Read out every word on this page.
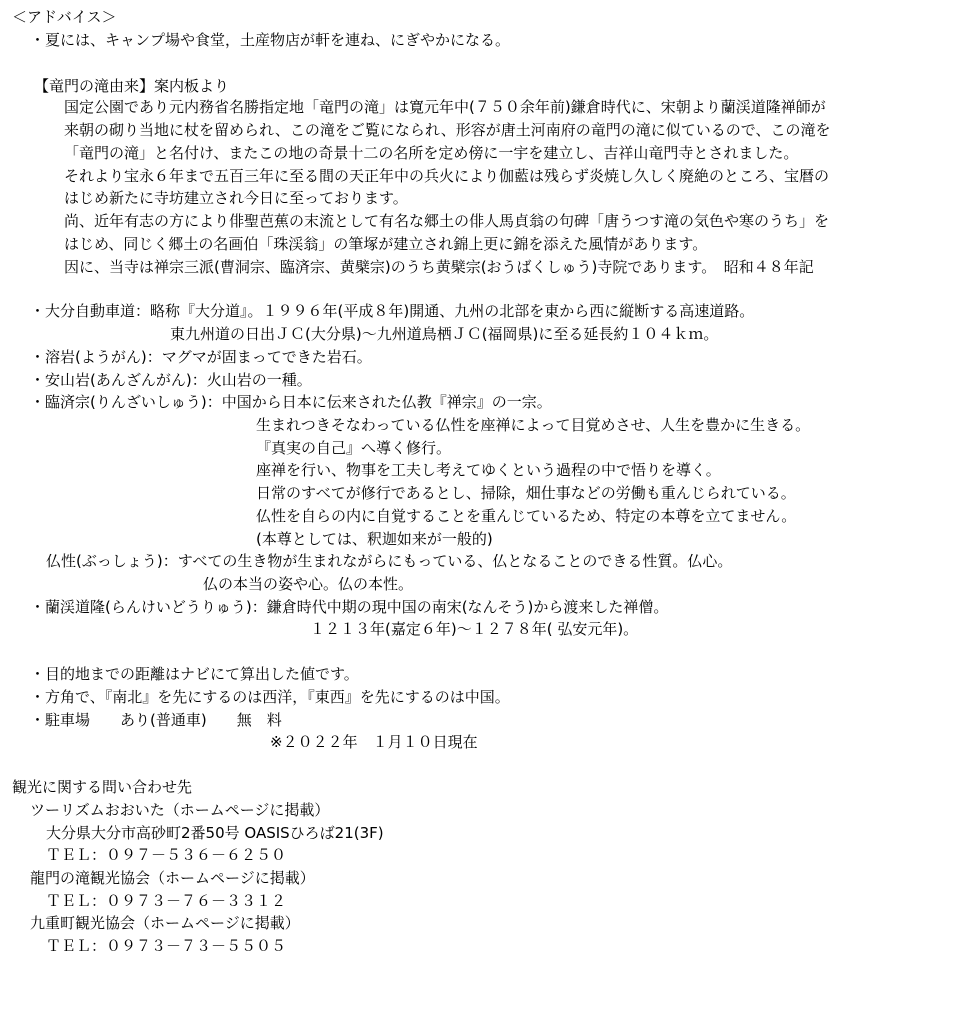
＜アドバイス＞
・夏には、キャンプ場や食堂，土産物店が軒を連ね、にぎやかになる。
【竜門の滝由来】案内板より
国定公園であり元内務省名勝指定地「竜門の滝」は寛元年中(７５０余年前)鎌倉時代に、宋朝より蘭渓道隆禅師が
来朝の砌り当地に杖を留められ、この滝をご覧になられ、形容が唐土河南府の竜門の滝に似ているので、この滝を
「竜門の滝」と名付け、またこの地の奇景十二の名所を定め傍に一宇を建立し、吉祥山竜門寺とされました。
それより宝永６年まで五百三年に至る間の天正年中の兵火により伽藍は残らず炎焼し久しく廃絶のところ、宝暦の
はじめ新たに寺坊建立され今日に至っております。
尚、近年有志の方により俳聖芭蕉の末流として有名な郷土の俳人馬貞翁の句碑「唐うつす滝の気色や寒のうち」を
はじめ、同じく郷土の名画伯「珠渓翁」の筆塚が建立され錦上更に錦を添えた風情があります。
因に、当寺は禅宗三派(曹洞宗、臨済宗、黄檗宗)のうち黄檗宗(おうばくしゅう)寺院であります。　昭和４８年記
・大分自動車道：略称『大分道』。１９９６年(平成８年)開通、九州の北部を東から西に縦断する高速道路。
東九州道の日出ＪＣ(大分県)～九州道鳥栖ＪＣ(福岡県)に至る延長約１０４ｋｍ。
・溶岩(ようがん)：マグマが固まってできた岩石。
・安山岩(あんざんがん)：火山岩の一種。
・臨済宗(りんざいしゅう)：中国から日本に伝来された仏教『禅宗』の一宗。
生まれつきそなわっている仏性を座禅によって目覚めさせ、人生を豊かに生きる。
『真実の自己』へ導く修行。
座禅を行い、物事を工夫し考えてゆくという過程の中で悟りを導く。
日常のすべてが修行であるとし、掃除，畑仕事などの労働も重んじられている。
仏性を自らの内に自覚することを重んじているため、特定の本尊を立てません。
(本尊としては、釈迦如来が一般的)
仏性(ぶっしょう)：すべての生き物が生まれながらにもっている、仏となることのできる性質。仏心。
仏の本当の姿や心。仏の本性。
・蘭渓道隆(らんけいどうりゅう)：鎌倉時代中期の現中国の南宋(なんそう)から渡来した禅僧。
１２１３年(嘉定６年)～１２７８年( 弘安元年)。
・目的地までの距離はナビにて算出した値です。
・方角で、『南北』を先にするのは西洋，『東西』を先にするのは中国。
・駐車場　　あり(普通車)　　無　料
※２０２２年　１月１０日現在
観光に関する問い合わせ先
ツーリズムおおいた（ホームページに掲載）
大分県大分市高砂町2番50号 OASISひろば21(3F)
ＴＥＬ：０９７－５３６－６２５０
龍門の滝観光協会（ホームページに掲載）
ＴＥＬ：０９７３－７６－３３１２
九重町観光協会（ホームページに掲載）
ＴＥＬ：０９７３－７３－５５０５
